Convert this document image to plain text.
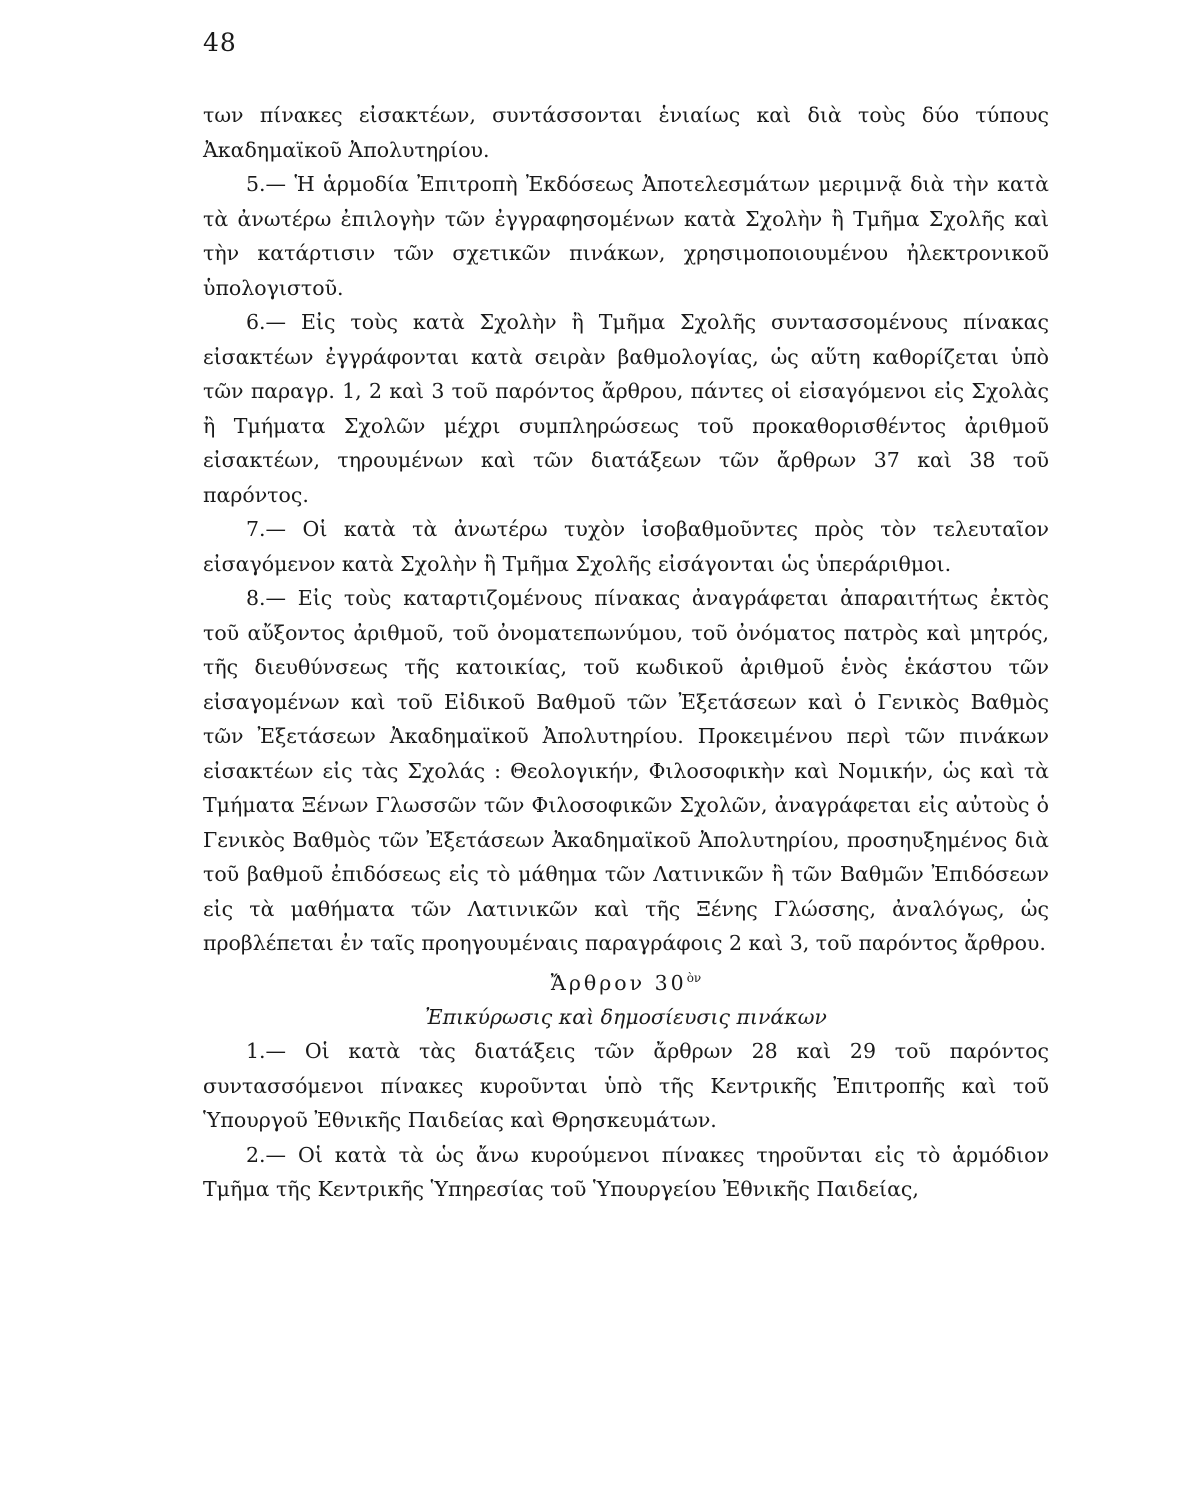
48

των πίνακες εἰσακτέων, συντάσσονται ἑνιαίως καὶ διὰ τοὺς δύο τύπους Ἀκαδημαϊκοῦ Ἀπολυτηρίου.

5.— Ἡ ἁρμοδία Ἐπιτροπὴ Ἐκδόσεως Ἀποτελεσμάτων μεριμνᾷ διὰ τὴν κατὰ τὰ ἀνωτέρω ἐπιλογὴν τῶν ἐγγραφησομένων κατὰ Σχολὴν ἢ Τμῆμα Σχολῆς καὶ τὴν κατάρτισιν τῶν σχετικῶν πινάκων, χρησιμοποιουμένου ἠλεκτρονικοῦ ὑπολογιστοῦ.

6.— Εἰς τοὺς κατὰ Σχολὴν ἢ Τμῆμα Σχολῆς συντασσομένους πίνακας εἰσακτέων ἐγγράφονται κατὰ σειρὰν βαθμολογίας, ὡς αὕτη καθορίζεται ὑπὸ τῶν παραγρ. 1, 2 καὶ 3 τοῦ παρόντος ἄρθρου, πάντες οἱ εἰσαγόμενοι εἰς Σχολὰς ἢ Τμήματα Σχολῶν μέχρι συμπληρώσεως τοῦ προκαθορισθέντος ἀριθμοῦ εἰσακτέων, τηρουμένων καὶ τῶν διατάξεων τῶν ἄρθρων 37 καὶ 38 τοῦ παρόντος.

7.— Οἱ κατὰ τὰ ἀνωτέρω τυχὸν ἰσοβαθμοῦντες πρὸς τὸν τελευταῖον εἰσαγόμενον κατὰ Σχολὴν ἢ Τμῆμα Σχολῆς εἰσάγονται ὡς ὑπεράριθμοι.

8.— Εἰς τοὺς καταρτιζομένους πίνακας ἀναγράφεται ἀπαραιτήτως ἐκτὸς τοῦ αὔξοντος ἀριθμοῦ, τοῦ ὀνοματεπωνύμου, τοῦ ὀνόματος πατρὸς καὶ μητρός, τῆς διευθύνσεως τῆς κατοικίας, τοῦ κωδικοῦ ἀριθμοῦ ἑνὸς ἑκάστου τῶν εἰσαγομένων καὶ τοῦ Εἰδικοῦ Βαθμοῦ τῶν Ἐξετάσεων καὶ ὁ Γενικὸς Βαθμὸς τῶν Ἐξετάσεων Ἀκαδημαϊκοῦ Ἀπολυτηρίου. Προκειμένου περὶ τῶν πινάκων εἰσακτέων εἰς τὰς Σχολάς : Θεολογικήν, Φιλοσοφικὴν καὶ Νομικήν, ὡς καὶ τὰ Τμήματα Ξένων Γλωσσῶν τῶν Φιλοσοφικῶν Σχολῶν, ἀναγράφεται εἰς αὐτοὺς ὁ Γενικὸς Βαθμὸς τῶν Ἐξετάσεων Ἀκαδημαϊκοῦ Ἀπολυτηρίου, προσηυξημένος διὰ τοῦ βαθμοῦ ἐπιδόσεως εἰς τὸ μάθημα τῶν Λατινικῶν ἢ τῶν Βαθμῶν Ἐπιδόσεων εἰς τὰ μαθήματα τῶν Λατινικῶν καὶ τῆς Ξένης Γλώσσης, ἀναλόγως, ὡς προβλέπεται ἐν ταῖς προηγουμέναις παραγράφοις 2 καὶ 3, τοῦ παρόντος ἄρθρου.

Ἄρθρον $30^{ὸ\nu}$

Ἐπικύρωσις καὶ δημοσίευσις πινάκων

1.— Οἱ κατὰ τὰς διατάξεις τῶν ἄρθρων 28 καὶ 29 τοῦ παρόντος συντασσόμενοι πίνακες κυροῦνται ὑπὸ τῆς Κεντρικῆς Ἐπιτροπῆς καὶ τοῦ Ὑπουργοῦ Ἐθνικῆς Παιδείας καὶ Θρησκευμάτων.

2.— Οἱ κατὰ τὰ ὡς ἄνω κυρούμενοι πίνακες τηροῦνται εἰς τὸ ἁρμόδιον Τμῆμα τῆς Κεντρικῆς Ὑπηρεσίας τοῦ Ὑπουργείου Ἐθνικῆς Παιδείας,
